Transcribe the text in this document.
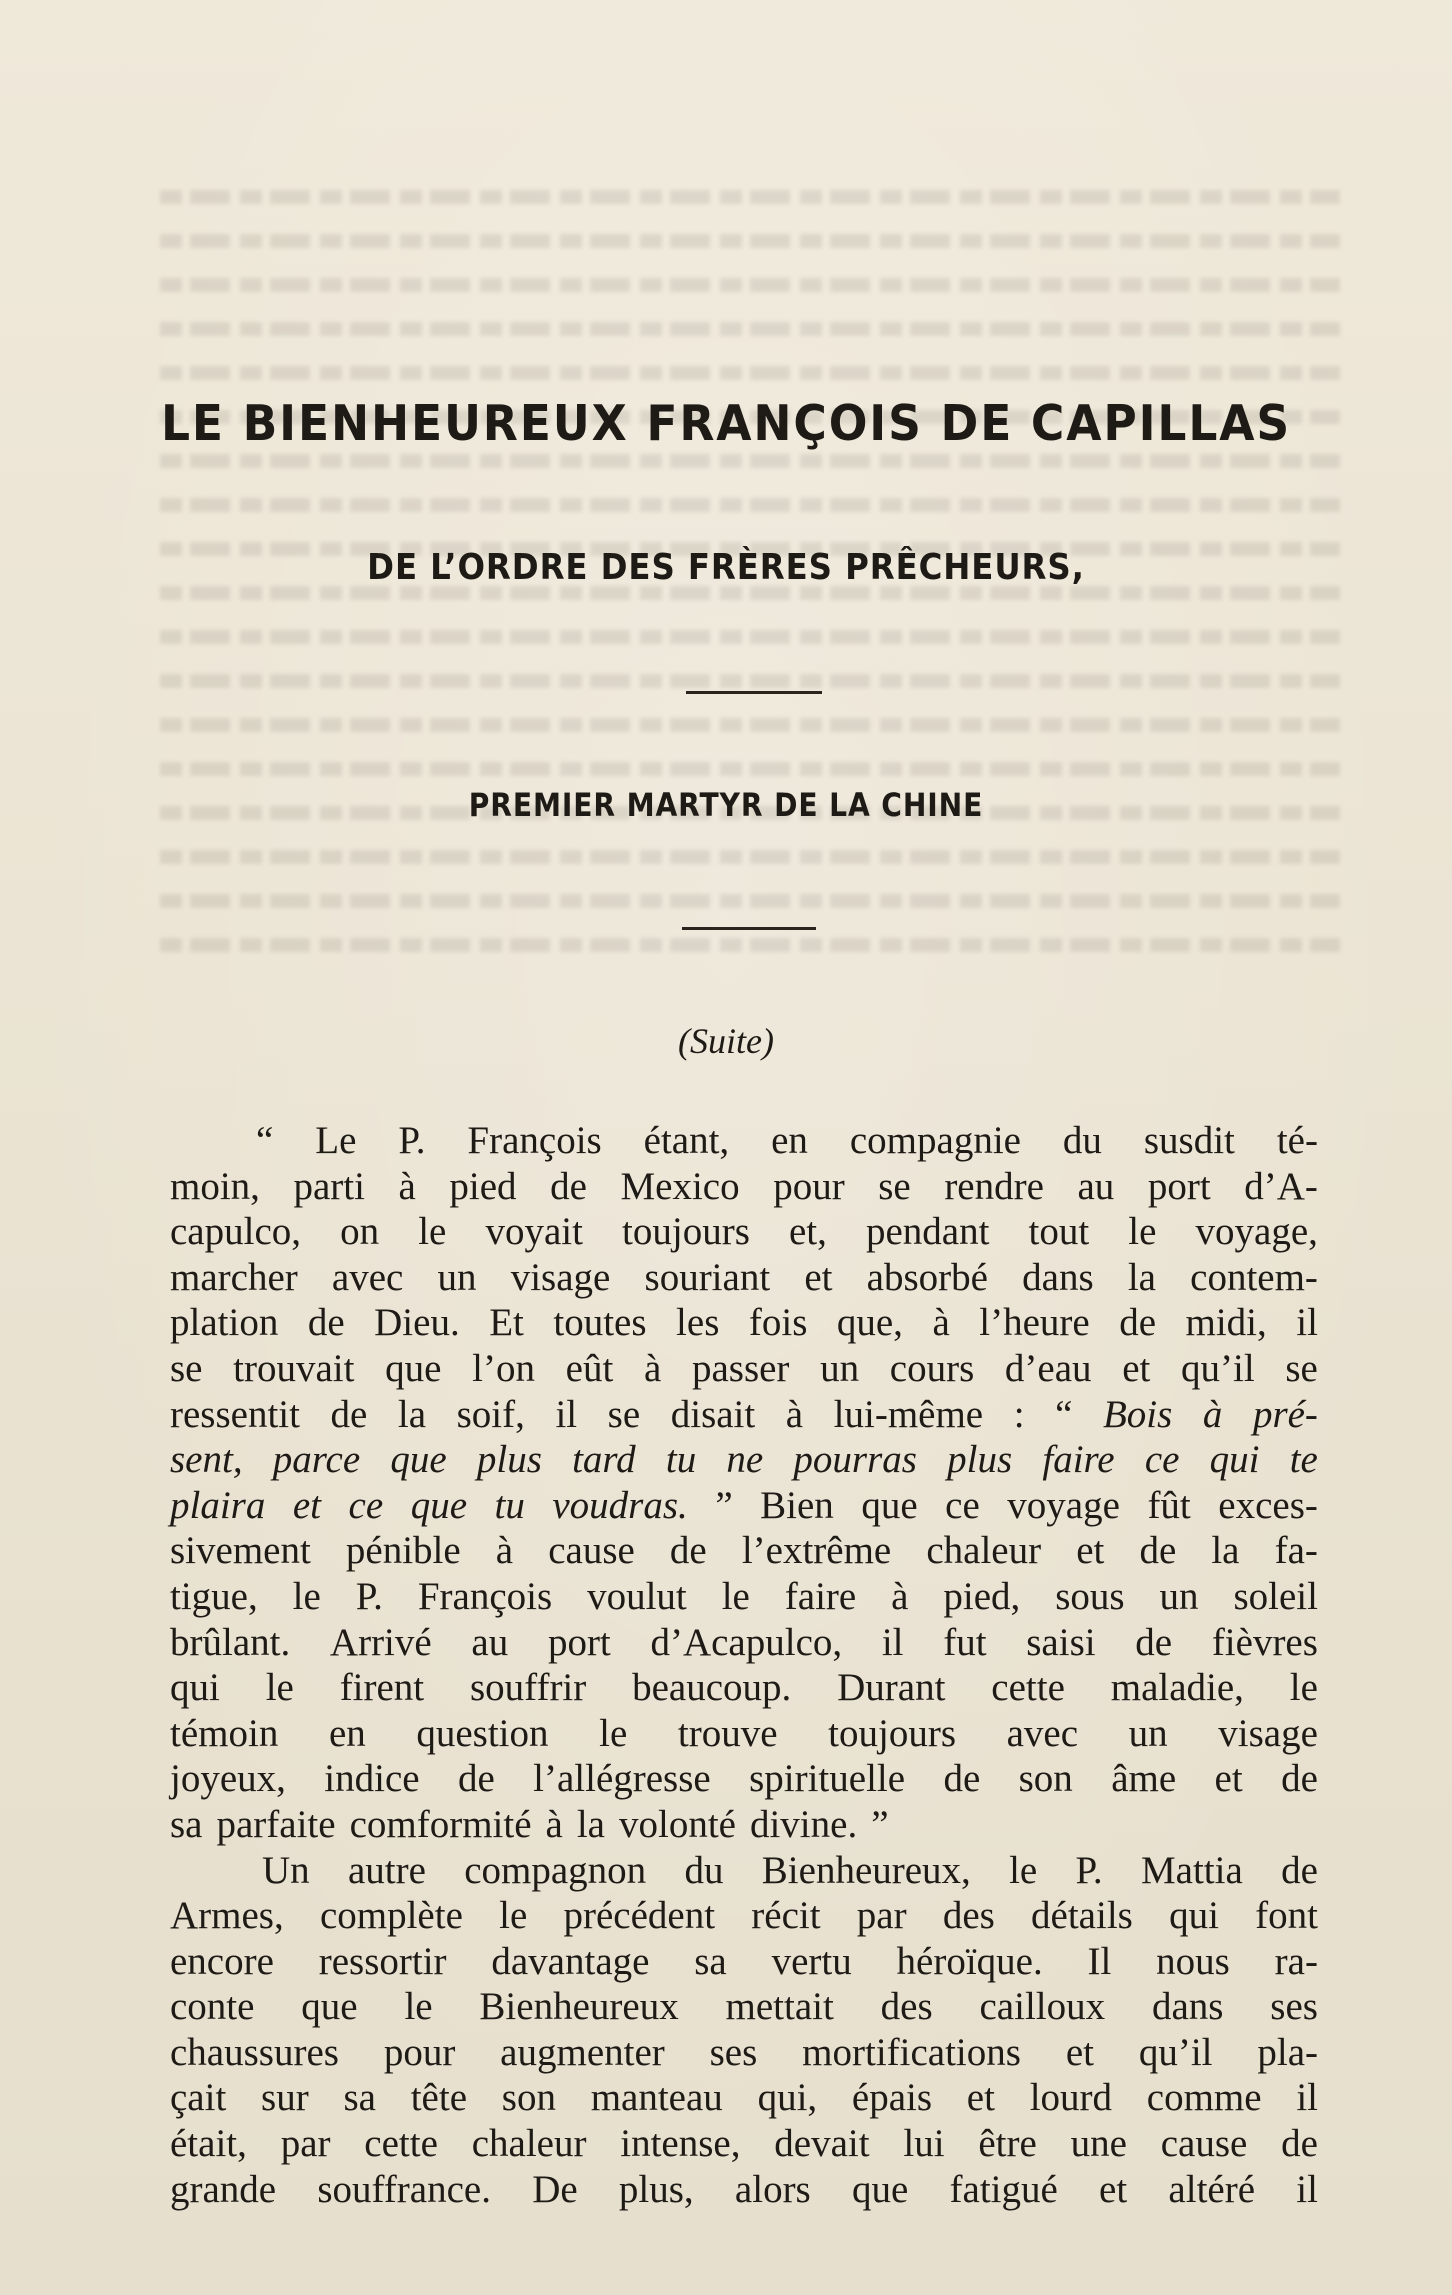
LE BIENHEUREUX FRANÇOIS DE CAPILLAS
DE L’ORDRE DES FRÈRES PRÊCHEURS,
PREMIER MARTYR DE LA CHINE
(Suite)
“ Le P. François étant, en compagnie du susdit té-
moin, parti à pied de Mexico pour se rendre au port d’A-
capulco, on le voyait toujours et, pendant tout le voyage,
marcher avec un visage souriant et absorbé dans la contem-
plation de Dieu. Et toutes les fois que, à l’heure de midi, il
se trouvait que l’on eût à passer un cours d’eau et qu’il se
ressentit de la soif, il se disait à lui-même : “ Bois à pré-
sent, parce que plus tard tu ne pourras plus faire ce qui te
plaira et ce que tu voudras. ” Bien que ce voyage fût exces-
sivement pénible à cause de l’extrême chaleur et de la fa-
tigue, le P. François voulut le faire à pied, sous un soleil
brûlant. Arrivé au port d’Acapulco, il fut saisi de fièvres
qui le firent souffrir beaucoup. Durant cette maladie, le
témoin en question le trouve toujours avec un visage
joyeux, indice de l’allégresse spirituelle de son âme et de
sa parfaite comformité à la volonté divine. ”
Un autre compagnon du Bienheureux, le P. Mattia de
Armes, complète le précédent récit par des détails qui font
encore ressortir davantage sa vertu héroïque. Il nous ra-
conte que le Bienheureux mettait des cailloux dans ses
chaussures pour augmenter ses mortifications et qu’il pla-
çait sur sa tête son manteau qui, épais et lourd comme il
était, par cette chaleur intense, devait lui être une cause de
grande souffrance. De plus, alors que fatigué et altéré il
